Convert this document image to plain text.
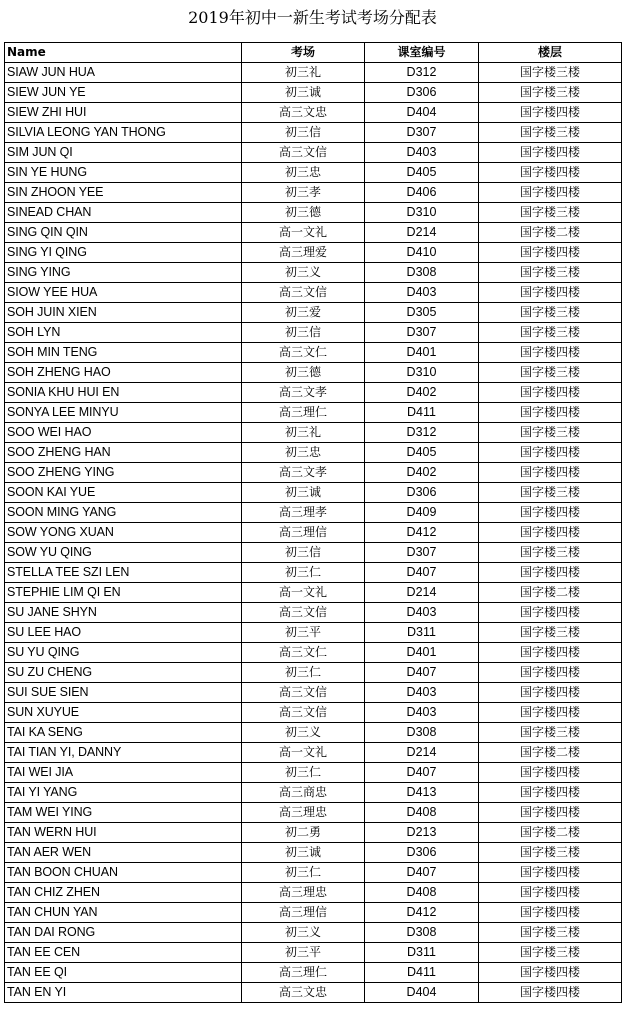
2019年初中一新生考试考场分配表
Name	考场	课室编号	楼层
SIAW JUN HUA	初三礼	D312	国字楼三楼
SIEW JUN YE	初三诚	D306	国字楼三楼
SIEW ZHI HUI	高三文忠	D404	国字楼四楼
SILVIA LEONG YAN THONG	初三信	D307	国字楼三楼
SIM JUN QI	高三文信	D403	国字楼四楼
SIN YE HUNG	初三忠	D405	国字楼四楼
SIN ZHOON YEE	初三孝	D406	国字楼四楼
SINEAD CHAN	初三德	D310	国字楼三楼
SING QIN QIN	高一文礼	D214	国字楼二楼
SING YI QING	高三理爱	D410	国字楼四楼
SING YING	初三义	D308	国字楼三楼
SIOW YEE HUA	高三文信	D403	国字楼四楼
SOH JUIN XIEN	初三爱	D305	国字楼三楼
SOH LYN	初三信	D307	国字楼三楼
SOH MIN TENG	高三文仁	D401	国字楼四楼
SOH ZHENG HAO	初三德	D310	国字楼三楼
SONIA KHU HUI EN	高三文孝	D402	国字楼四楼
SONYA LEE MINYU	高三理仁	D411	国字楼四楼
SOO WEI HAO	初三礼	D312	国字楼三楼
SOO ZHENG HAN	初三忠	D405	国字楼四楼
SOO ZHENG YING	高三文孝	D402	国字楼四楼
SOON KAI YUE	初三诚	D306	国字楼三楼
SOON MING YANG	高三理孝	D409	国字楼四楼
SOW YONG XUAN	高三理信	D412	国字楼四楼
SOW YU QING	初三信	D307	国字楼三楼
STELLA TEE SZI LEN	初三仁	D407	国字楼四楼
STEPHIE LIM QI EN	高一文礼	D214	国字楼二楼
SU JANE SHYN	高三文信	D403	国字楼四楼
SU LEE HAO	初三平	D311	国字楼三楼
SU YU QING	高三文仁	D401	国字楼四楼
SU ZU CHENG	初三仁	D407	国字楼四楼
SUI SUE SIEN	高三文信	D403	国字楼四楼
SUN XUYUE	高三文信	D403	国字楼四楼
TAI KA SENG	初三义	D308	国字楼三楼
TAI TIAN YI, DANNY	高一文礼	D214	国字楼二楼
TAI WEI JIA	初三仁	D407	国字楼四楼
TAI YI YANG	高三商忠	D413	国字楼四楼
TAM WEI YING	高三理忠	D408	国字楼四楼
TAN WERN HUI	初二勇	D213	国字楼二楼
TAN AER WEN	初三诚	D306	国字楼三楼
TAN BOON CHUAN	初三仁	D407	国字楼四楼
TAN CHIZ ZHEN	高三理忠	D408	国字楼四楼
TAN CHUN YAN	高三理信	D412	国字楼四楼
TAN DAI RONG	初三义	D308	国字楼三楼
TAN EE CEN	初三平	D311	国字楼三楼
TAN EE QI	高三理仁	D411	国字楼四楼
TAN EN YI	高三文忠	D404	国字楼四楼
